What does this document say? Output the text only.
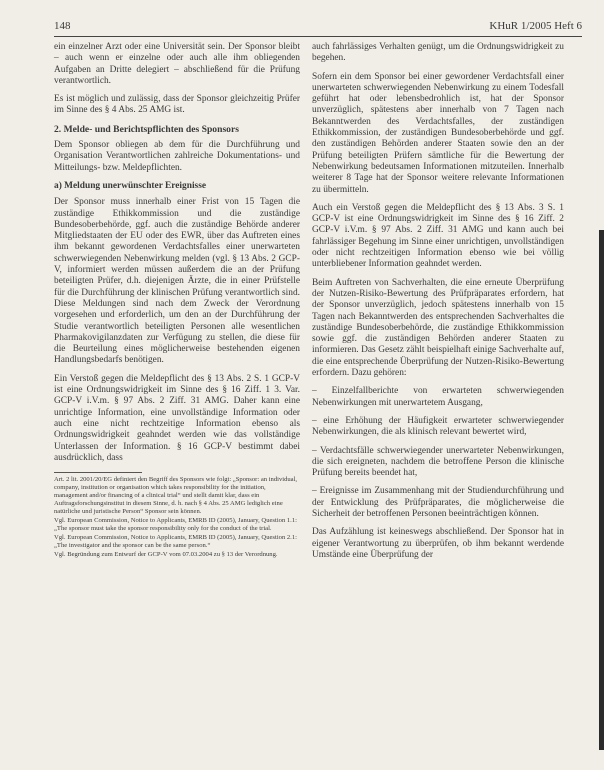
148	KHuR 1/2005 Heft 6

ein einzelner Arzt oder eine Universität sein. Der Sponsor bleibt – auch wenn er einzelne oder auch alle ihm obliegenden Aufgaben an Dritte delegiert – abschließend für die Prüfung verantwortlich.

Es ist möglich und zulässig, dass der Sponsor gleichzeitig Prüfer im Sinne des § 4 Abs. 25 AMG ist.

2. Melde- und Berichtspflichten des Sponsors

Dem Sponsor obliegen ab dem für die Durchführung und Organisation Verantwortlichen zahlreiche Dokumentations- und Mitteilungs- bzw. Meldepflichten.

a) Meldung unerwünschter Ereignisse

Der Sponsor muss innerhalb einer Frist von 15 Tagen die zuständige Ethikkommission und die zuständige Bundesoberbehörde, ggf. auch die zuständige Behörde anderer Mitgliedstaaten der EU oder des EWR, über das Auftreten eines ihm bekannt gewordenen Verdachtsfalles einer unerwarteten schwerwiegenden Nebenwirkung melden (vgl. § 13 Abs. 2 GCP-V, informiert werden müssen außerdem die an der Prüfung beteiligten Prüfer, d.h. diejenigen Ärzte, die in einer Prüfstelle für die Durchführung der klinischen Prüfung verantwortlich sind. Diese Meldungen sind nach dem Zweck der Verordnung vorgesehen und erforderlich, um den an der Durchführung der Studie verantwortlich beteiligten Personen alle wesentlichen Pharmakovigilanzdaten zur Verfügung zu stellen, die diese für die Beurteilung eines möglicherweise bestehenden eigenen Handlungsbedarfs benötigen.

Ein Verstoß gegen die Meldepflicht des § 13 Abs. 2 S. 1 GCP-V ist eine Ordnungswidrigkeit im Sinne des § 16 Ziff. 1 3. Var. GCP-V i.V.m. § 97 Abs. 2 Ziff. 31 AMG. Daher kann eine unrichtige Information, eine unvollständige Information oder auch eine nicht rechtzeitige Information ebenso als Ordnungswidrigkeit geahndet werden wie das vollständige Unterlassen der Information. § 16 GCP-V bestimmt dabei ausdrücklich, dass

Art. 2 lit. 2001/20/EG definiert den Begriff des Sponsors wie folgt: „Sponsor: an individual, company, institution or organisation which takes responsibility for the initiation, management and/or financing of a clinical trial“ und stellt damit klar, dass ein Auftragsforschungsinstitut in diesem Sinne, d. h. nach § 4 Abs. 25 AMG lediglich eine natürliche und juristische Person“ Sponsor sein können.

Vgl. European Commission, Notice to Applicants, EMRB ID (2005), January, Question 1.1: „The sponsor must take the sponsor responsibility only for the conduct of the trial.

Vgl. European Commission, Notice to Applicants, EMRB ID (2005), January, Question 2.1: „The investigator and the sponsor can be the same person.“

Vgl. Begründung zum Entwurf der GCP-V vom 07.03.2004 zu § 13 der Verordnung.

auch fahrlässiges Verhalten genügt, um die Ordnungswidrigkeit zu begehen.

Sofern ein dem Sponsor bei einer gewordener Verdachtsfall einer unerwarteten schwerwiegenden Nebenwirkung zu einem Todesfall geführt hat oder lebensbedrohlich ist, hat der Sponsor unverzüglich, spätestens aber innerhalb von 7 Tagen nach Bekanntwerden des Verdachtsfalles, der zuständigen Ethikkommission, der zuständigen Bundesoberbehörde und ggf. den zuständigen Behörden anderer Staaten sowie den an der Prüfung beteiligten Prüfern sämtliche für die Bewertung der Nebenwirkung bedeutsamen Informationen mitzuteilen. Innerhalb weiterer 8 Tage hat der Sponsor weitere relevante Informationen zu übermitteln.

Auch ein Verstoß gegen die Meldepflicht des § 13 Abs. 3 S. 1 GCP-V ist eine Ordnungswidrigkeit im Sinne des § 16 Ziff. 2 GCP-V i.V.m. § 97 Abs. 2 Ziff. 31 AMG und kann auch bei fahrlässiger Begehung im Sinne einer unrichtigen, unvollständigen oder nicht rechtzeitigen Information ebenso wie bei völlig unterbliebener Information geahndet werden.

Beim Auftreten von Sachverhalten, die eine erneute Überprüfung der Nutzen-Risiko-Bewertung des Prüfpräparates erfordern, hat der Sponsor unverzüglich, jedoch spätestens innerhalb von 15 Tagen nach Bekanntwerden des entsprechenden Sachverhaltes die zuständige Bundesoberbehörde, die zuständige Ethikkommission sowie ggf. die zuständigen Behörden anderer Staaten zu informieren. Das Gesetz zählt beispielhaft einige Sachverhalte auf, die eine entsprechende Überprüfung der Nutzen-Risiko-Bewertung erfordern. Dazu gehören:

– Einzelfallberichte von erwarteten schwerwiegenden Nebenwirkungen mit unerwartetem Ausgang,
– eine Erhöhung der Häufigkeit erwarteter schwerwiegender Nebenwirkungen, die als klinisch relevant bewertet wird,
– Verdachtsfälle schwerwiegender unerwarteter Nebenwirkungen, die sich ereigneten, nachdem die betroffene Person die klinische Prüfung bereits beendet hat,
– Ereignisse im Zusammenhang mit der Studiendurchführung und der Entwicklung des Prüfpräparates, die möglicherweise die Sicherheit der betroffenen Personen beeinträchtigen können.

Das Aufzählung ist keineswegs abschließend. Der Sponsor hat in eigener Verantwortung zu überprüfen, ob ihm bekannt werdende Umstände eine Überprüfung der
